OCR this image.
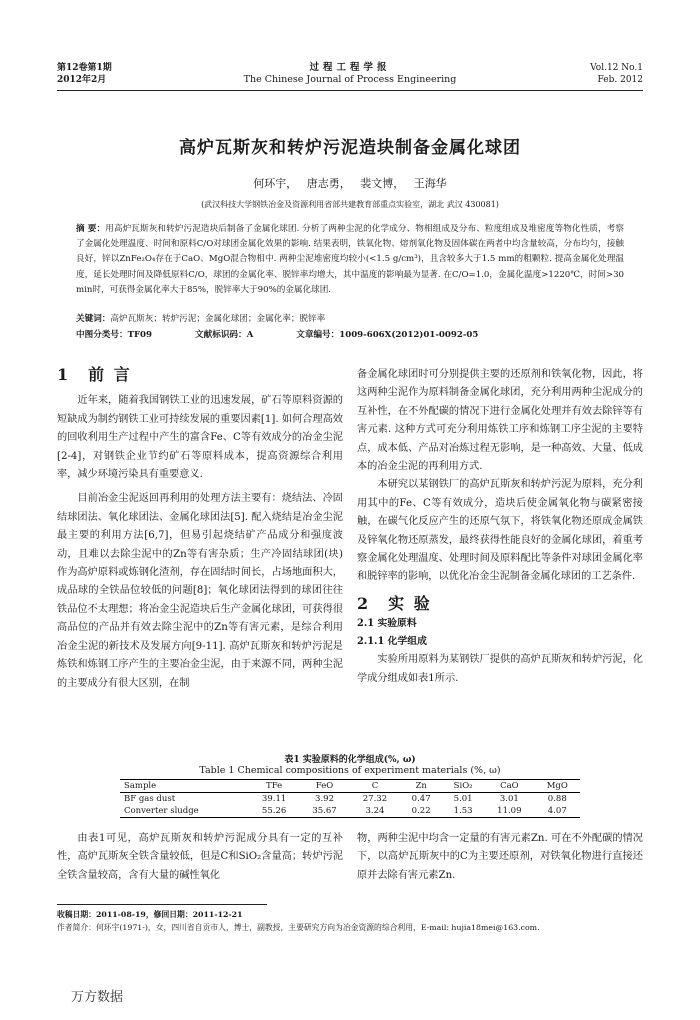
第12卷第1期
2012年2月
过程工程学报
The Chinese Journal of Process Engineering
Vol.12 No.1
Feb. 2012
高炉瓦斯灰和转炉污泥造块制备金属化球团
何环宇， 唐志勇， 裴文博， 王海华
(武汉科技大学钢铁冶金及资源利用省部共建教育部重点实验室，湖北 武汉 430081)
摘 要：用高炉瓦斯灰和转炉污泥造块后制备了金属化球团. 分析了两种尘泥的化学成分、物相组成及分布、粒度组成及堆密度等物化性质，考察了金属化处理温度、时间和原料C/O对球团金属化效果的影响. 结果表明，铁氧化物、熔剂氧化物及固体碳在两者中均含量较高，分布均匀，接触良好，锌以ZnFe₂O₄存在于CaO、MgO混合物相中. 两种尘泥堆密度均较小(<1.5 g/cm³)，且含较多大于1.5 mm的粗颗粒. 提高金属化处理温度，延长处理时间及降低原料C/O，球团的金属化率、脱锌率均增大，其中温度的影响最为显著. 在C/O=1.0，金属化温度>1220℃，时间>30 min时，可获得金属化率大于85%，脱锌率大于90%的金属化球团.
关键词：高炉瓦斯灰；转炉污泥；金属化球团；金属化率；脱锌率
中图分类号：TF09	文献标识码：A	文章编号：1009-606X(2012)01-0092-05
1 前 言

近年来，随着我国钢铁工业的迅速发展，矿石等原料资源的短缺成为制约钢铁工业可持续发展的重要因素[1]. 如何合理高效的回收利用生产过程中产生的富含Fe、C等有效成分的冶金尘泥[2-4]，对钢铁企业节约矿石等原料成本，提高资源综合利用率，减少环境污染具有重要意义.

目前冶金尘泥返回再利用的处理方法主要有：烧结法、冷固结球团法、氧化球团法、金属化球团法[5]. 配入烧结是冶金尘泥最主要的利用方法[6,7]，但易引起烧结矿产品成分和强度波动，且难以去除尘泥中的Zn等有害杂质；生产冷固结球团(块)作为高炉原料或炼钢化渣剂，存在固结时间长，占场地面积大，成品球的全铁品位较低的问题[8]；氧化球团法得到的球团往往铁品位不太理想；将冶金尘泥造块后生产金属化球团，可获得很高品位的产品并有效去除尘泥中的Zn等有害元素，是综合利用冶金尘泥的新技术及发展方向[9-11]. 高炉瓦斯灰和转炉污泥是炼铁和炼钢工序产生的主要冶金尘泥，由于来源不同，两种尘泥的主要成分有很大区别，在制

备金属化球团时可分别提供主要的还原剂和铁氧化物，因此，将这两种尘泥作为原料制备金属化球团，充分利用两种尘泥成分的互补性，在不外配碳的情况下进行金属化处理并有效去除锌等有害元素. 这种方式可充分利用炼铁工序和炼钢工序尘泥的主要特点，成本低、产品对冶炼过程无影响，是一种高效、大量、低成本的冶金尘泥的再利用方式.

本研究以某钢铁厂的高炉瓦斯灰和转炉污泥为原料，充分利用其中的Fe、C等有效成分，造块后使金属氧化物与碳紧密接触，在碳气化反应产生的还原气氛下，将铁氧化物还原成金属铁及锌氧化物还原蒸发，最终获得性能良好的金属化球团，着重考察金属化处理温度、处理时间及原料配比等条件对球团金属化率和脱锌率的影响，以优化冶金尘泥制备金属化球团的工艺条件.

2 实 验
2.1 实验原料
2.1.1 化学组成

实验所用原料为某钢铁厂提供的高炉瓦斯灰和转炉污泥，化学成分组成如表1所示.

表1 实验原料的化学组成(%, ω)
Table 1 Chemical compositions of experiment materials (%, ω)
Sample	TFe	FeO	C	Zn	SiO₂	CaO	MgO
BF gas dust	39.11	3.92	27.32	0.47	5.01	3.01	0.88
Converter sludge	55.26	35.67	3.24	0.22	1.53	11.09	4.07

由表1可见，高炉瓦斯灰和转炉污泥成分具有一定的互补性，高炉瓦斯灰全铁含量较低，但是C和SiO₂含量高；转炉污泥全铁含量较高，含有大量的碱性氧化

物，两种尘泥中均含一定量的有害元素Zn. 可在不外配碳的情况下，以高炉瓦斯灰中的C为主要还原剂，对铁氧化物进行直接还原并去除有害元素Zn.

收稿日期：2011-08-19，修回日期：2011-12-21
作者简介：何环宇(1971-)，女，四川省自贡市人，博士，副教授，主要研究方向为冶金资源的综合利用，E-mail: hujia18mei@163.com.
万方数据
